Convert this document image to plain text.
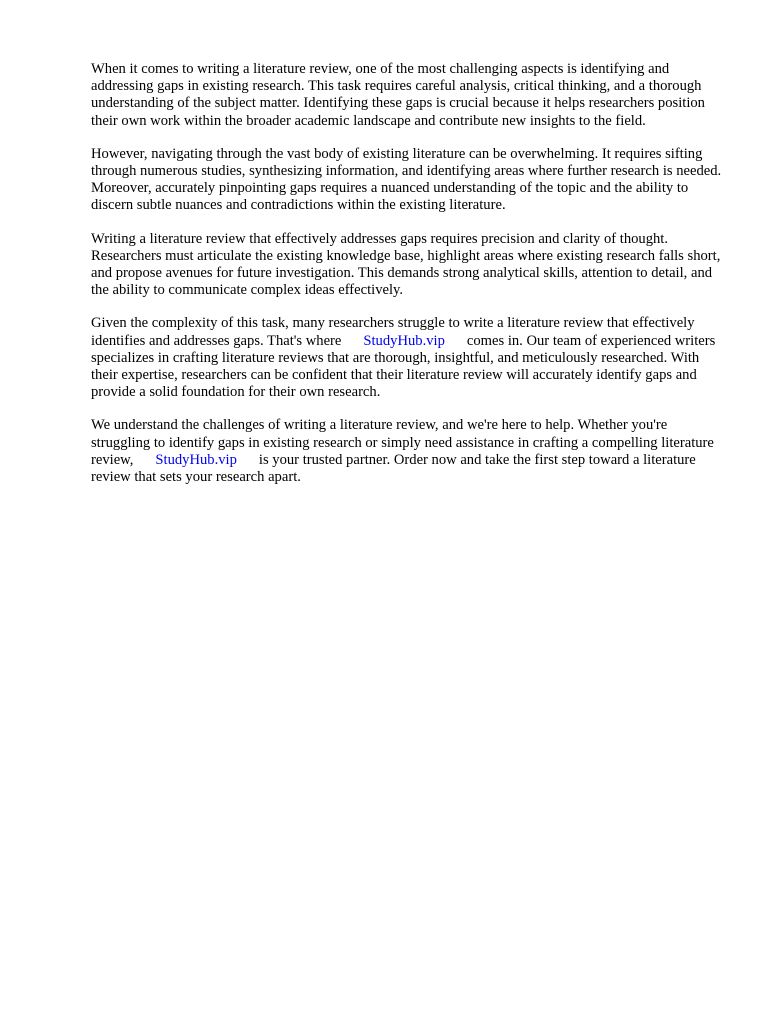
When it comes to writing a literature review, one of the most challenging aspects is identifying and addressing gaps in existing research. This task requires careful analysis, critical thinking, and a thorough understanding of the subject matter. Identifying these gaps is crucial because it helps researchers position their own work within the broader academic landscape and contribute new insights to the field.

However, navigating through the vast body of existing literature can be overwhelming. It requires sifting through numerous studies, synthesizing information, and identifying areas where further research is needed. Moreover, accurately pinpointing gaps requires a nuanced understanding of the topic and the ability to discern subtle nuances and contradictions within the existing literature.

Writing a literature review that effectively addresses gaps requires precision and clarity of thought. Researchers must articulate the existing knowledge base, highlight areas where existing research falls short, and propose avenues for future investigation. This demands strong analytical skills, attention to detail, and the ability to communicate complex ideas effectively.

Given the complexity of this task, many researchers struggle to write a literature review that effectively identifies and addresses gaps. That's where StudyHub.vip comes in. Our team of experienced writers specializes in crafting literature reviews that are thorough, insightful, and meticulously researched. With their expertise, researchers can be confident that their literature review will accurately identify gaps and provide a solid foundation for their own research.

We understand the challenges of writing a literature review, and we're here to help. Whether you're struggling to identify gaps in existing research or simply need assistance in crafting a compelling literature review, StudyHub.vip is your trusted partner. Order now and take the first step toward a literature review that sets your research apart.
